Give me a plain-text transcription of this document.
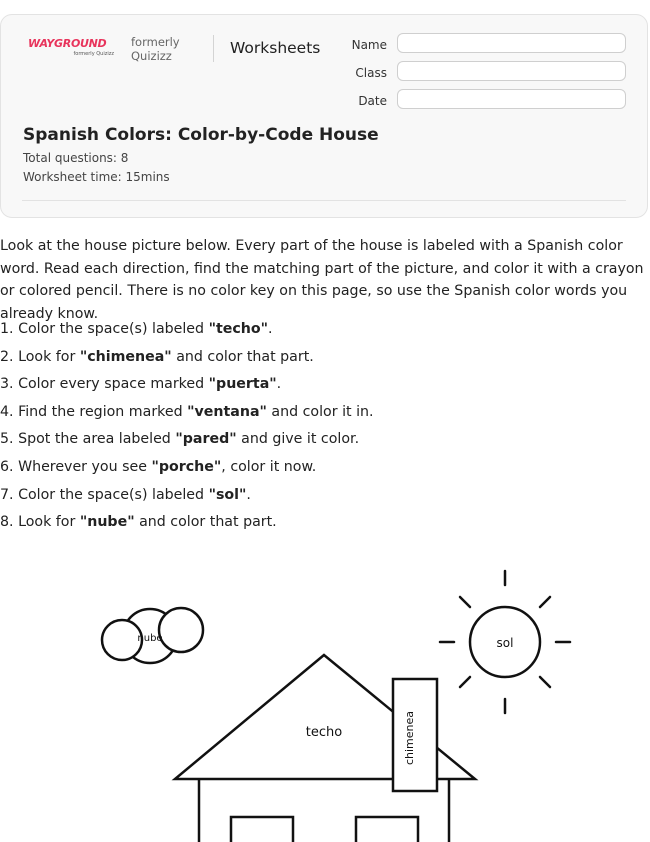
WAYGROUND
formerly Quizizz
formerly
Quizizz	Worksheets	Name
Class
Date
Spanish Colors: Color-by-Code House
Total questions: 8
Worksheet time: 15mins
Look at the house picture below. Every part of the house is labeled with a Spanish color word. Read each direction, find the matching part of the picture, and color it with a crayon or colored pencil. There is no color key on this page, so use the Spanish color words you already know.
1. Color the space(s) labeled "techo".
2. Look for "chimenea" and color that part.
3. Color every space marked "puerta".
4. Find the region marked "ventana" and color it in.
5. Spot the area labeled "pared" and give it color.
6. Wherever you see "porche", color it now.
7. Color the space(s) labeled "sol".
8. Look for "nube" and color that part.
nube	sol
techo	chimenea
